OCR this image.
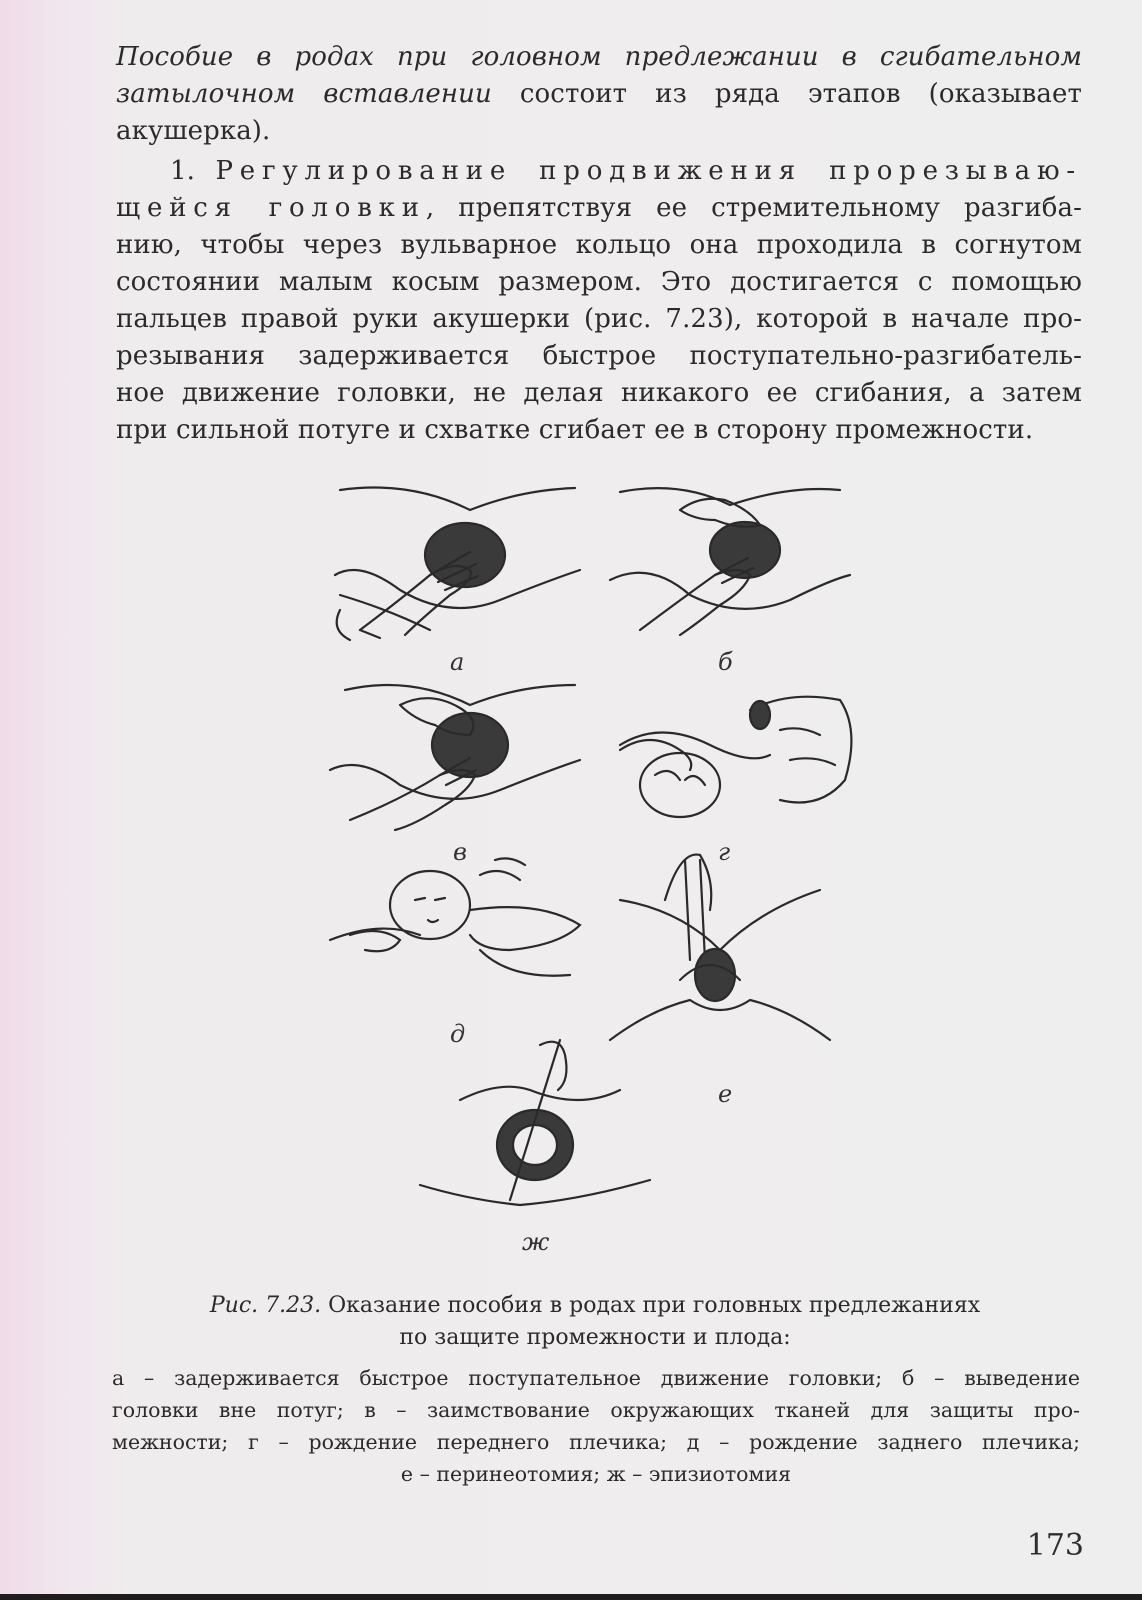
Пособие в родах при головном предлежании в сгибательном
затылочном вставлении состоит из ряда этапов (оказывает
акушерка).
1. Регулирование продвижения прорезываю-
щейся головки, препятствуя ее стремительному разгиба-
нию, чтобы через вульварное кольцо она проходила в согнутом
состоянии малым косым размером. Это достигается с помощью
пальцев правой руки акушерки (рис. 7.23), которой в начале про-
резывания задерживается быстрое поступательно-разгибатель-
ное движение головки, не делая никакого ее сгибания, а затем
при сильной потуге и схватке сгибает ее в сторону промежности.
а	б
в	г
д
е
ж
Рис. 7.23. Оказание пособия в родах при головных предлежаниях
по защите промежности и плода:
а – задерживается быстрое поступательное движение головки; б – выведение
головки вне потуг; в – заимствование окружающих тканей для защиты про-
межности; г – рождение переднего плечика; д – рождение заднего плечика;
е – перинеотомия; ж – эпизиотомия
173
